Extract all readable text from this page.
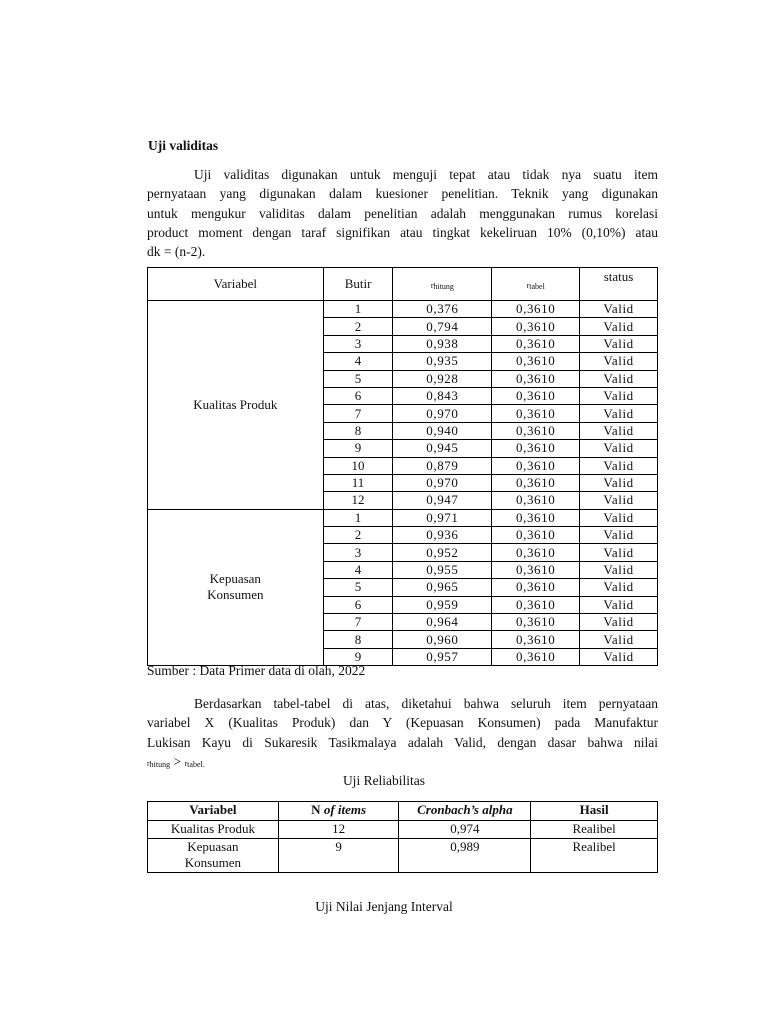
Uji validitas
Uji validitas digunakan untuk menguji tepat atau tidak nya suatu item
pernyataan yang digunakan dalam kuesioner penelitian. Teknik yang digunakan
untuk mengukur validitas dalam penelitian adalah menggunakan rumus korelasi
product moment dengan taraf signifikan atau tingkat kekeliruan 10% (0,10%) atau
dk = (n-2).
Variabel	Butir	$r_{hitung}$	$r_{tabel}$	status

Kualitas Produk	1	0,376	0,3610	Valid
	2	0,794	0,3610	Valid
	3	0,938	0,3610	Valid
	4	0,935	0,3610	Valid
	5	0,928	0,3610	Valid
	6	0,843	0,3610	Valid
	7	0,970	0,3610	Valid
	8	0,940	0,3610	Valid
	9	0,945	0,3610	Valid
	10	0,879	0,3610	Valid
	11	0,970	0,3610	Valid
	12	0,947	0,3610	Valid

Kepuasan
Konsumen	1	0,971	0,3610	Valid
	2	0,936	0,3610	Valid
	3	0,952	0,3610	Valid
	4	0,955	0,3610	Valid
	5	0,965	0,3610	Valid
	6	0,959	0,3610	Valid
	7	0,964	0,3610	Valid
	8	0,960	0,3610	Valid
	9	0,957	0,3610	Valid
Sumber : Data Primer data di olah, 2022
Berdasarkan tabel-tabel di atas, diketahui bahwa seluruh item pernyataan
variabel X (Kualitas Produk) dan Y (Kepuasan Konsumen) pada Manufaktur
Lukisan Kayu di Sukaresik Tasikmalaya adalah Valid, dengan dasar bahwa nilai
$r_{hitung} > r_{tabel.}$
Uji Reliabilitas
Variabel	N of items	Cronbach’s alpha	Hasil

Kualitas Produk	12	0,974	Realibel

Kepuasan
Konsumen	9	0,989	Realibel
Uji Nilai Jenjang Interval
